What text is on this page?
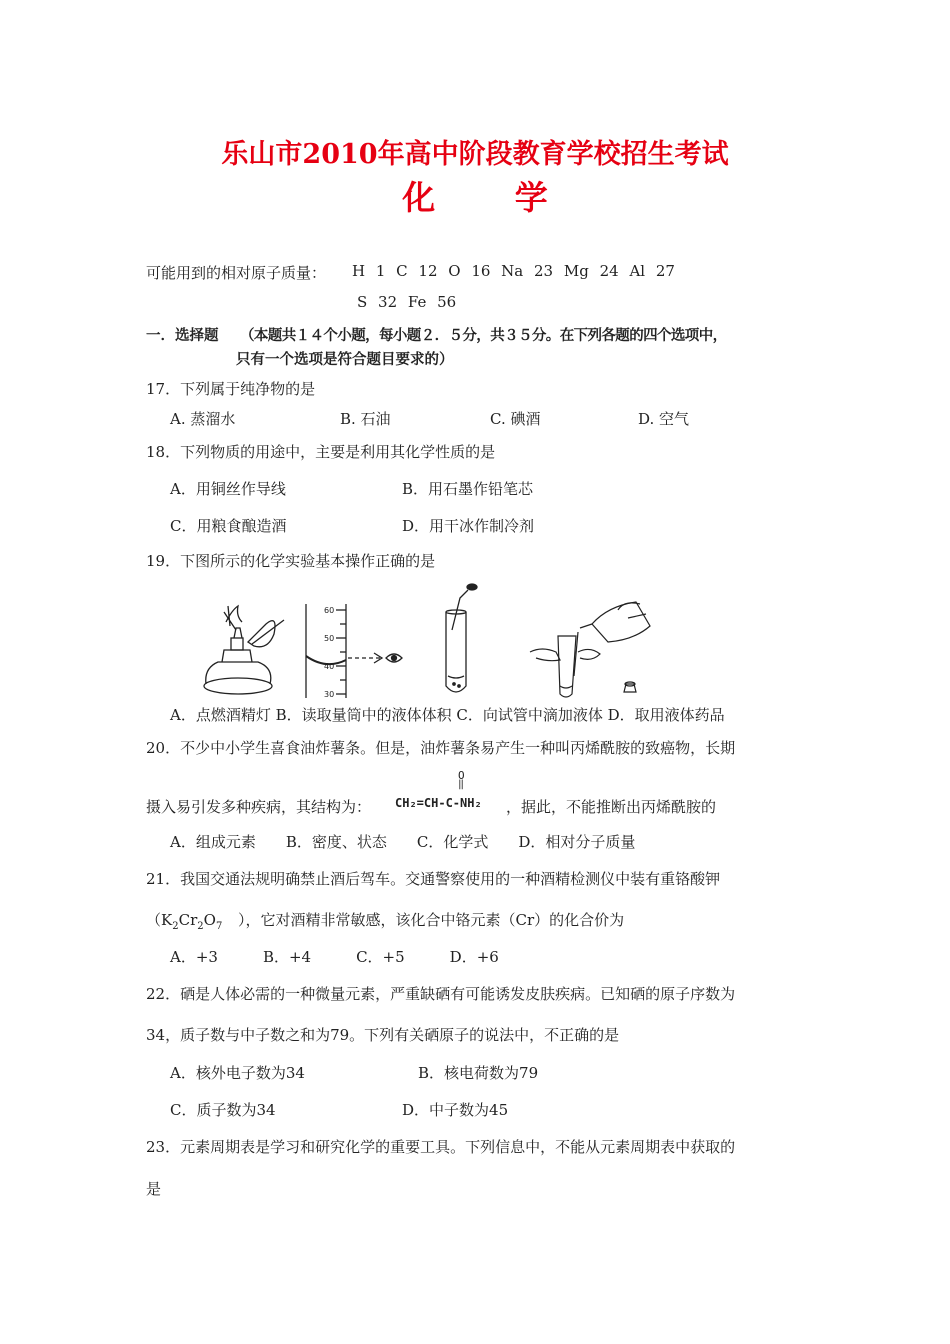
乐山市2010年高中阶段教育学校招生考试
化 学
可能用到的相对原子质量： H 1 C 12 O 16 Na 23 Mg 24 Al 27
S 32 Fe 56
一．选择题 （本题共１４个小题，每小题２．５分，共３５分。在下列各题的四个选项中，
只有一个选项是符合题目要求的）
17．下列属于纯净物的是
A. 蒸溜水	B. 石油	C. 碘酒	D. 空气
18．下列物质的用途中，主要是利用其化学性质的是
A．用铜丝作导线	B．用石墨作铅笔芯
C．用粮食酿造酒	D．用干冰作制冷剂
19．下图所示的化学实验基本操作正确的是
60
50
40
30
A．点燃酒精灯 B．读取量筒中的液体体积 C．向试管中滴加液体 D．取用液体药品
20．不少中小学生喜食油炸薯条。但是，油炸薯条易产生一种叫丙烯酰胺的致癌物，长期
O
‖
摄入易引发多种疾病，其结构为： CH₂=CH-C-NH₂ ，据此，不能推断出丙烯酰胺的
A．组成元素　　B．密度、状态　　C．化学式　　D．相对分子质量
21．我国交通法规明确禁止酒后驾车。交通警察使用的一种酒精检测仪中装有重铬酸钾
（$K_2Cr_2O_7$ ），它对酒精非常敏感，该化合中铬元素（Cr）的化合价为
A．+3　　　B．+4　　　C．+5　　　D．+6
22．硒是人体必需的一种微量元素，严重缺硒有可能诱发皮肤疾病。已知硒的原子序数为
34，质子数与中子数之和为79。下列有关硒原子的说法中，不正确的是
A．核外电子数为34	B．核电荷数为79
C．质子数为34	D．中子数为45
23．元素周期表是学习和研究化学的重要工具。下列信息中，不能从元素周期表中获取的
是
